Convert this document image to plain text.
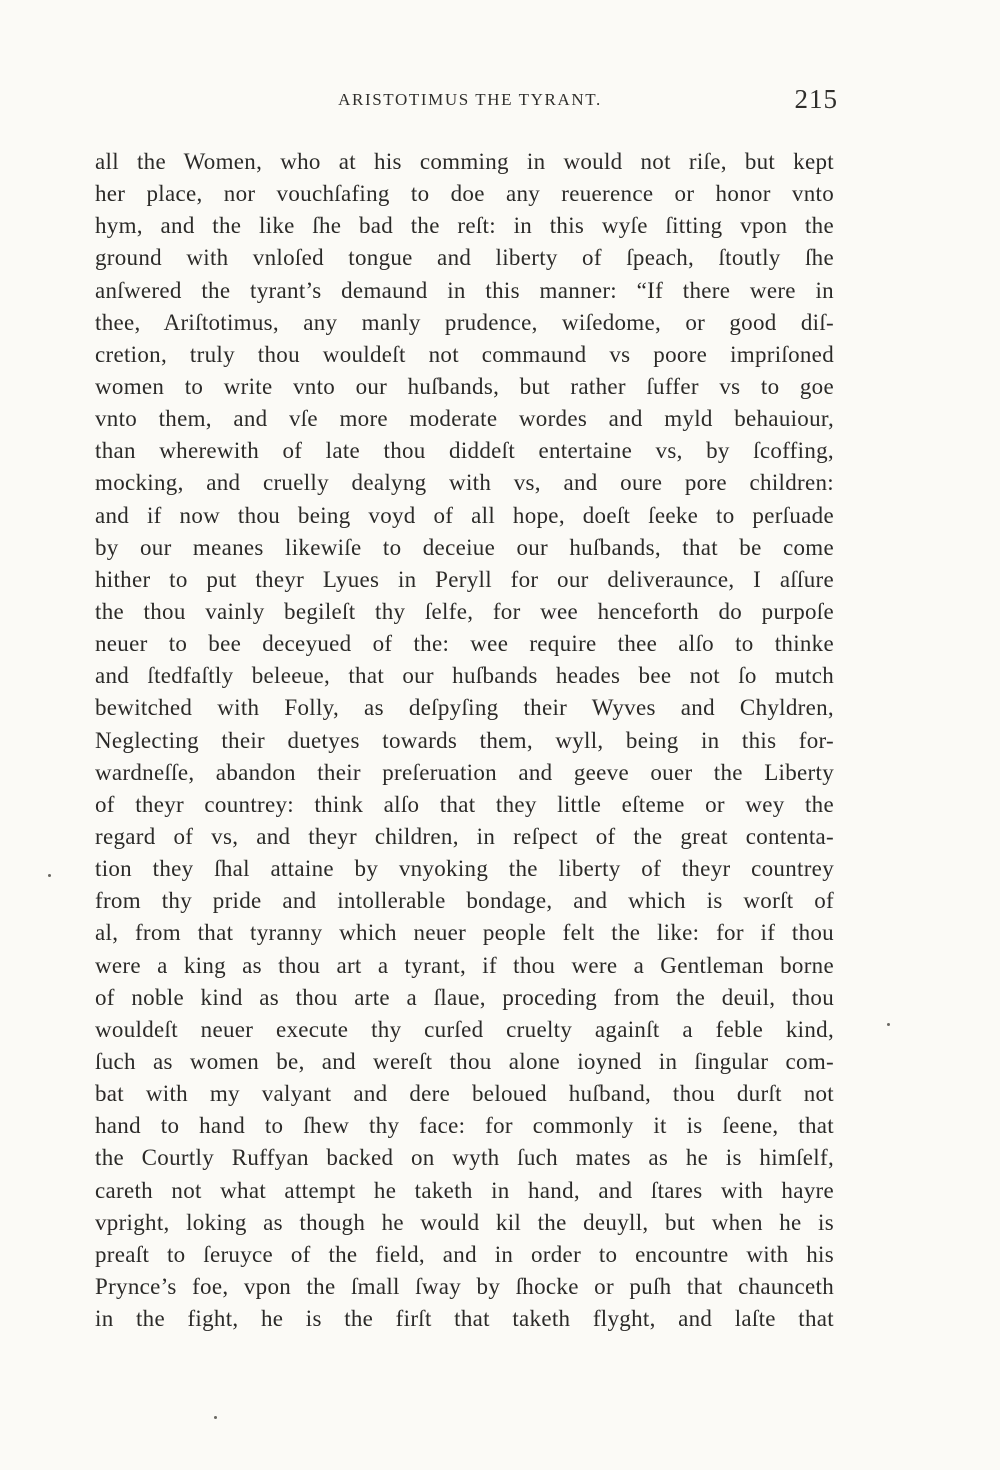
ARISTOTIMUS THE TYRANT.	215
all the Women, who at his comming in would not riſe, but kept
her place, nor vouchſafing to doe any reuerence or honor vnto
hym, and the like ſhe bad the reſt: in this wyſe ſitting vpon the
ground with vnloſed tongue and liberty of ſpeach, ſtoutly ſhe
anſwered the tyrant’s demaund in this manner: “If there were in
thee, Ariſtotimus, any manly prudence, wiſedome, or good diſ-
cretion, truly thou wouldeſt not commaund vs poore impriſoned
women to write vnto our huſbands, but rather ſuffer vs to goe
vnto them, and vſe more moderate wordes and myld behauiour,
than wherewith of late thou diddeſt entertaine vs, by ſcoffing,
mocking, and cruelly dealyng with vs, and oure pore children:
and if now thou being voyd of all hope, doeſt ſeeke to perſuade
by our meanes likewiſe to deceiue our huſbands, that be come
hither to put theyr Lyues in Peryll for our deliveraunce, I aſſure
the thou vainly begileſt thy ſelfe, for wee henceforth do purpoſe
neuer to bee deceyued of the: wee require thee alſo to thinke
and ſtedfaſtly beleeue, that our huſbands heades bee not ſo mutch
bewitched with Folly, as deſpyſing their Wyves and Chyldren,
Neglecting their duetyes towards them, wyll, being in this for-
wardneſſe, abandon their preſeruation and geeve ouer the Liberty
of theyr countrey: think alſo that they little eſteme or wey the
regard of vs, and theyr children, in reſpect of the great contenta-
tion they ſhal attaine by vnyoking the liberty of theyr countrey
from thy pride and intollerable bondage, and which is worſt of
al, from that tyranny which neuer people felt the like: for if thou
were a king as thou art a tyrant, if thou were a Gentleman borne
of noble kind as thou arte a ſlaue, proceding from the deuil, thou
wouldeſt neuer execute thy curſed cruelty againſt a feble kind,
ſuch as women be, and wereſt thou alone ioyned in ſingular com-
bat with my valyant and dere beloued huſband, thou durſt not
hand to hand to ſhew thy face: for commonly it is ſeene, that
the Courtly Ruffyan backed on wyth ſuch mates as he is himſelf,
careth not what attempt he taketh in hand, and ſtares with hayre
vpright, loking as though he would kil the deuyll, but when he is
preaſt to ſeruyce of the field, and in order to encountre with his
Prynce’s foe, vpon the ſmall ſway by ſhocke or puſh that chaunceth
in the fight, he is the firſt that taketh flyght, and laſte that
